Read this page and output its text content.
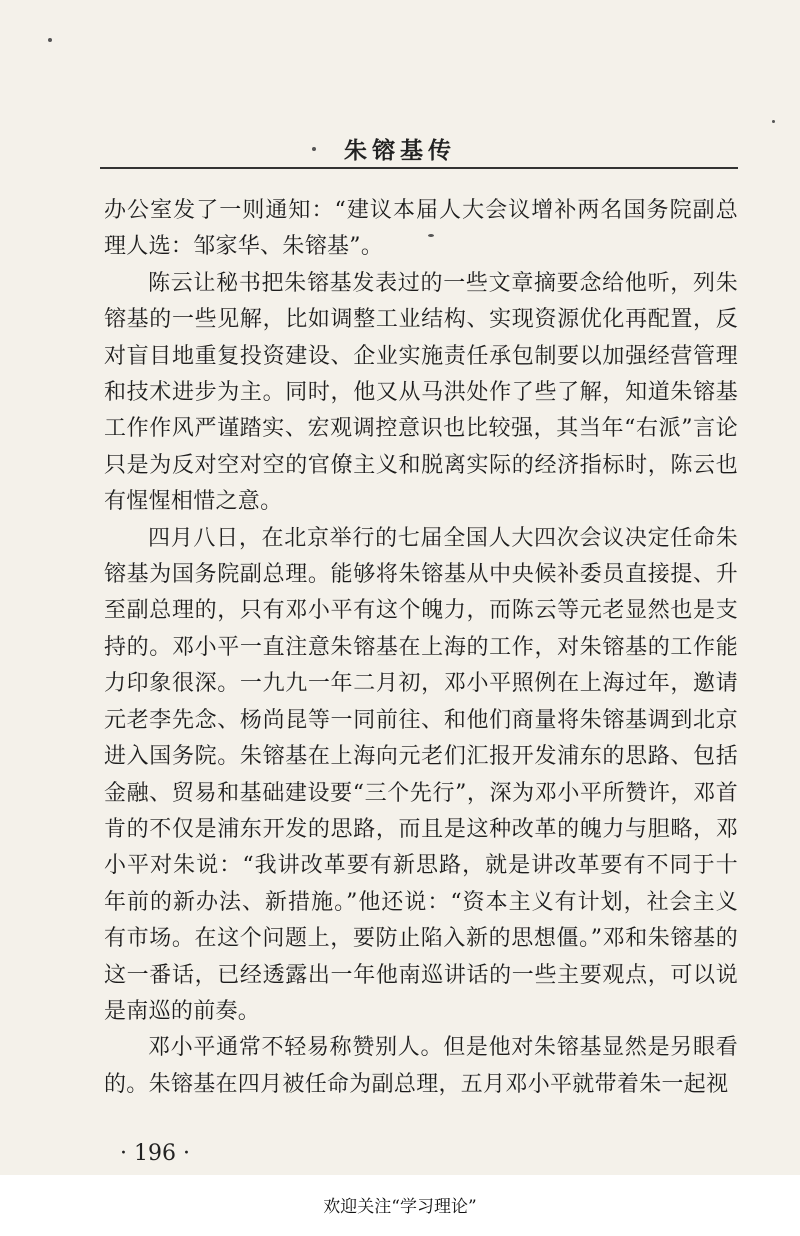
朱镕基传

办公室发了一则通知：“建议本届人大会议增补两名国务院副总理人选：邹家华、朱镕基”。

陈云让秘书把朱镕基发表过的一些文章摘要念给他听，列朱镕基的一些见解，比如调整工业结构、实现资源优化再配置，反对盲目地重复投资建设、企业实施责任承包制要以加强经营管理和技术进步为主。同时，他又从马洪处作了些了解，知道朱镕基工作作风严谨踏实、宏观调控意识也比较强，其当年“右派”言论只是为反对空对空的官僚主义和脱离实际的经济指标时，陈云也有惺惺相惜之意。

四月八日，在北京举行的七届全国人大四次会议决定任命朱镕基为国务院副总理。能够将朱镕基从中央候补委员直接提、升至副总理的，只有邓小平有这个魄力，而陈云等元老显然也是支持的。邓小平一直注意朱镕基在上海的工作，对朱镕基的工作能力印象很深。一九九一年二月初，邓小平照例在上海过年，邀请元老李先念、杨尚昆等一同前往、和他们商量将朱镕基调到北京进入国务院。朱镕基在上海向元老们汇报开发浦东的思路、包括金融、贸易和基础建设要“三个先行”，深为邓小平所赞许，邓首肯的不仅是浦东开发的思路，而且是这种改革的魄力与胆略，邓小平对朱说：“我讲改革要有新思路，就是讲改革要有不同于十年前的新办法、新措施。”他还说：“资本主义有计划，社会主义有市场。在这个问题上，要防止陷入新的思想僵。”邓和朱镕基的这一番话，已经透露出一年他南巡讲话的一些主要观点，可以说是南巡的前奏。

邓小平通常不轻易称赞别人。但是他对朱镕基显然是另眼看的。朱镕基在四月被任命为副总理，五月邓小平就带着朱一起视

· 196 ·
欢迎关注“学习理论”
